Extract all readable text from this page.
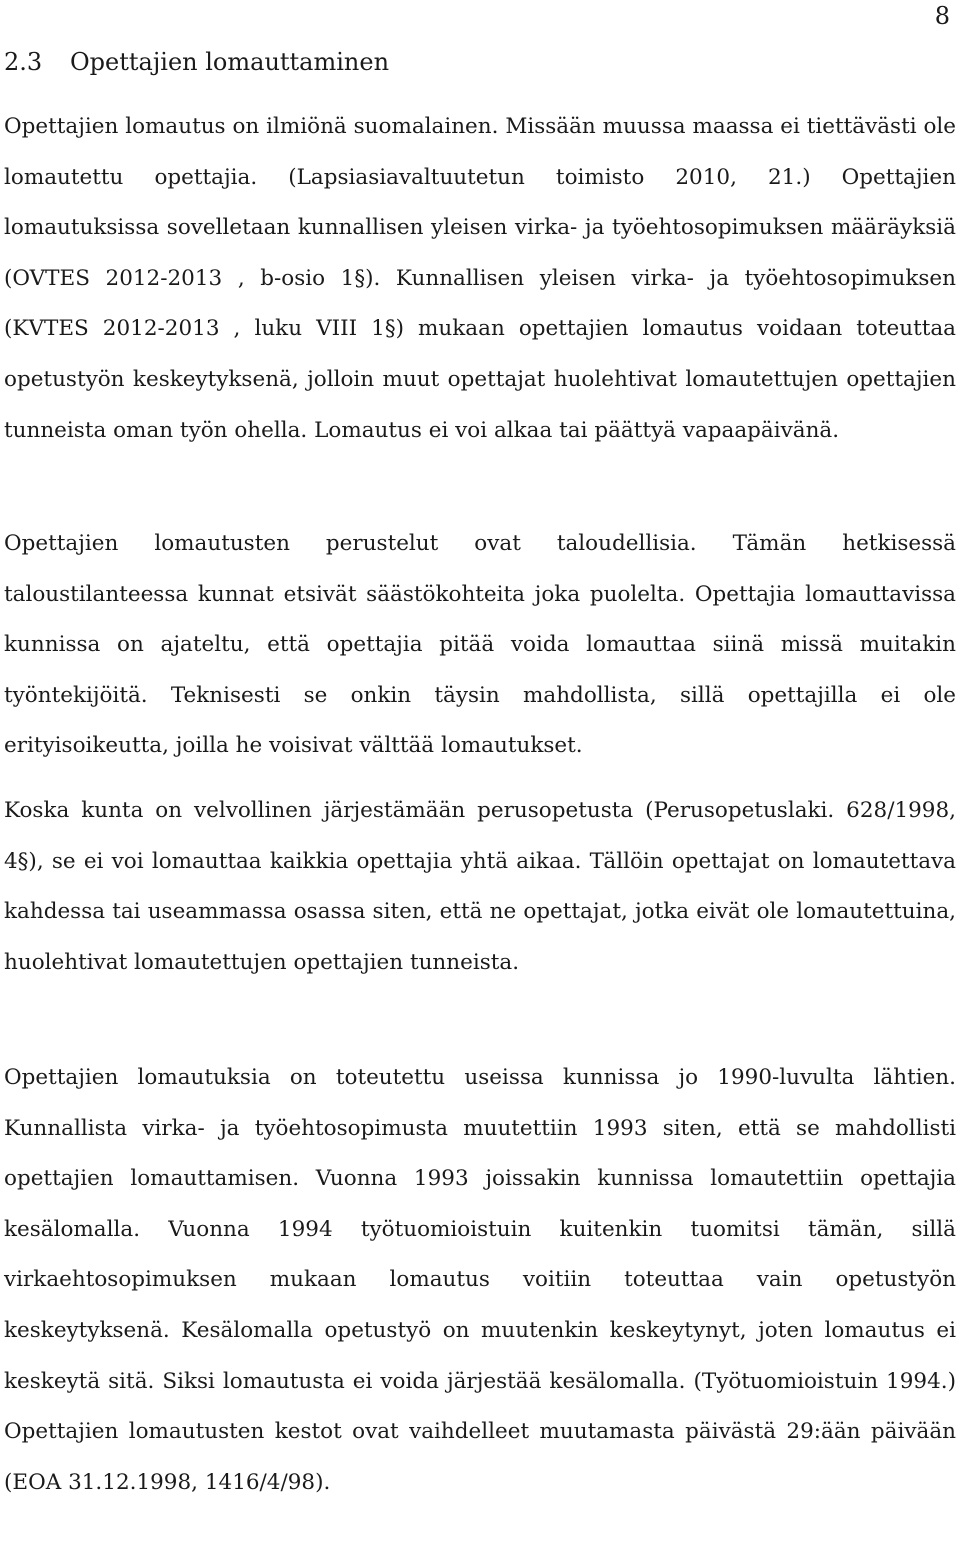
8
2.3 Opettajien lomauttaminen

Opettajien lomautus on ilmiönä suomalainen. Missään muussa maassa ei tiettävästi ole lomautettu opettajia. (Lapsiasiavaltuutetun toimisto 2010, 21.) Opettajien lomautuksissa sovelletaan kunnallisen yleisen virka- ja työehtosopimuksen määräyksiä (OVTES 2012-2013 , b-osio 1§). Kunnallisen yleisen virka- ja työehtosopimuksen (KVTES 2012-2013 , luku VIII 1§) mukaan opettajien lomautus voidaan toteuttaa opetustyön keskeytyksenä, jolloin muut opettajat huolehtivat lomautettujen opettajien tunneista oman työn ohella. Lomautus ei voi alkaa tai päättyä vapaapäivänä.

Opettajien lomautusten perustelut ovat taloudellisia. Tämän hetkisessä taloustilanteessa kunnat etsivät säästökohteita joka puolelta. Opettajia lomauttavissa kunnissa on ajateltu, että opettajia pitää voida lomauttaa siinä missä muitakin työntekijöitä. Teknisesti se onkin täysin mahdollista, sillä opettajilla ei ole erityisoikeutta, joilla he voisivat välttää lomautukset.

Koska kunta on velvollinen järjestämään perusopetusta (Perusopetuslaki. 628/1998, 4§), se ei voi lomauttaa kaikkia opettajia yhtä aikaa. Tällöin opettajat on lomautettava kahdessa tai useammassa osassa siten, että ne opettajat, jotka eivät ole lomautettuina, huolehtivat lomautettujen opettajien tunneista.

Opettajien lomautuksia on toteutettu useissa kunnissa jo 1990-luvulta lähtien. Kunnallista virka- ja työehtosopimusta muutettiin 1993 siten, että se mahdollisti opettajien lomauttamisen. Vuonna 1993 joissakin kunnissa lomautettiin opettajia kesälomalla. Vuonna 1994 työtuomioistuin kuitenkin tuomitsi tämän, sillä virkaehtosopimuksen mukaan lomautus voitiin toteuttaa vain opetustyön keskeytyksenä. Kesälomalla opetustyö on muutenkin keskeytynyt, joten lomautus ei keskeytä sitä. Siksi lomautusta ei voida järjestää kesälomalla. (Työtuomioistuin 1994.) Opettajien lomautusten kestot ovat vaihdelleet muutamasta päivästä 29:ään päivään (EOA 31.12.1998, 1416/4/98).
